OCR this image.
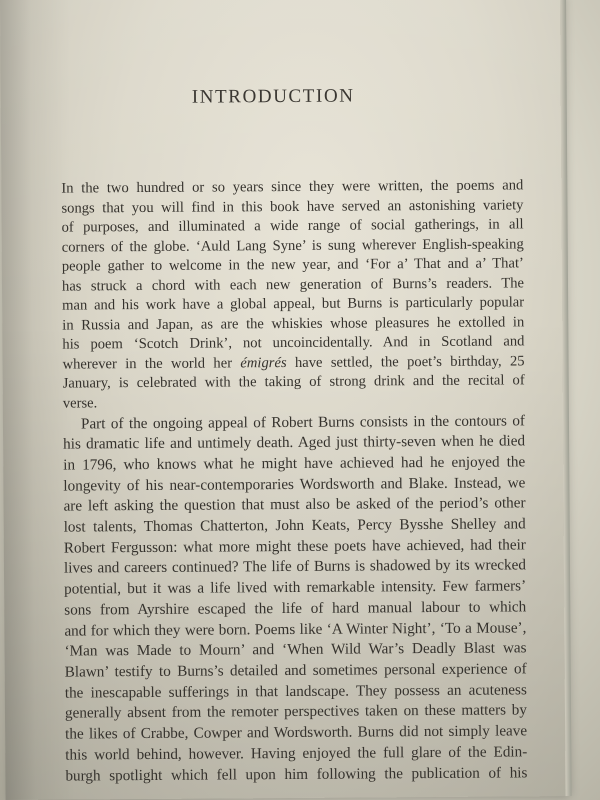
INTRODUCTION
In the two hundred or so years since they were written, the poems and
songs that you will find in this book have served an astonishing variety
of purposes, and illuminated a wide range of social gatherings, in all
corners of the globe. ‘Auld Lang Syne’ is sung wherever English-speaking
people gather to welcome in the new year, and ‘For a’ That and a’ That’
has struck a chord with each new generation of Burns’s readers. The
man and his work have a global appeal, but Burns is particularly popular
in Russia and Japan, as are the whiskies whose pleasures he extolled in
his poem ‘Scotch Drink’, not uncoincidentally. And in Scotland and
wherever in the world her émigrés have settled, the poet’s birthday, 25
January, is celebrated with the taking of strong drink and the recital of
verse.
Part of the ongoing appeal of Robert Burns consists in the contours of
his dramatic life and untimely death. Aged just thirty-seven when he died
in 1796, who knows what he might have achieved had he enjoyed the
longevity of his near-contemporaries Wordsworth and Blake. Instead, we
are left asking the question that must also be asked of the period’s other
lost talents, Thomas Chatterton, John Keats, Percy Bysshe Shelley and
Robert Fergusson: what more might these poets have achieved, had their
lives and careers continued? The life of Burns is shadowed by its wrecked
potential, but it was a life lived with remarkable intensity. Few farmers’
sons from Ayrshire escaped the life of hard manual labour to which
and for which they were born. Poems like ‘A Winter Night’, ‘To a Mouse’,
‘Man was Made to Mourn’ and ‘When Wild War’s Deadly Blast was
Blawn’ testify to Burns’s detailed and sometimes personal experience of
the inescapable sufferings in that landscape. They possess an acuteness
generally absent from the remoter perspectives taken on these matters by
the likes of Crabbe, Cowper and Wordsworth. Burns did not simply leave
this world behind, however. Having enjoyed the full glare of the Edin-
burgh spotlight which fell upon him following the publication of his
